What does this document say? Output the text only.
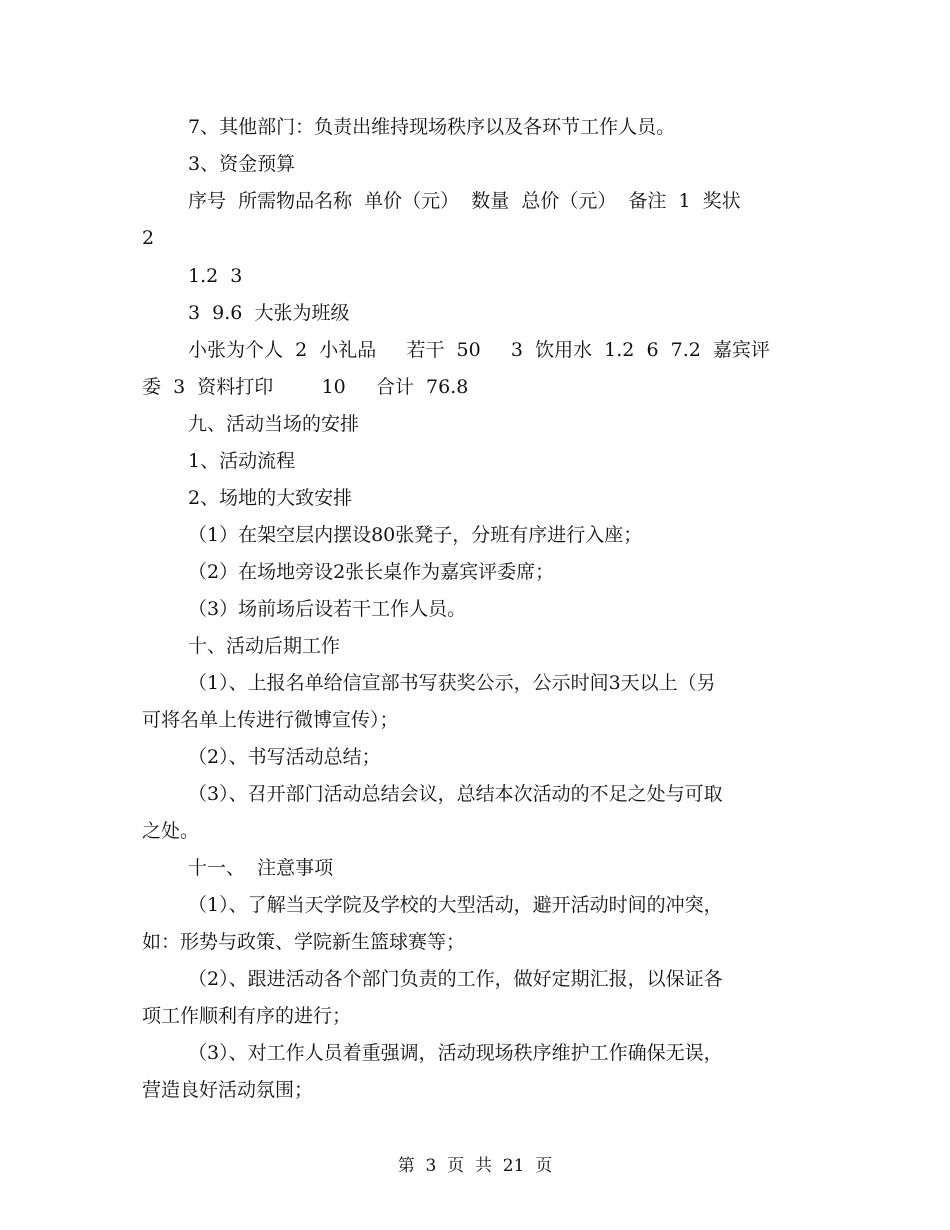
7、其他部门：负责出维持现场秩序以及各环节工作人员。
3、资金预算
序号  所需物品名称  单价（元）  数量  总价（元）  备注  1  奖状
2
1.2  3
3  9.6  大张为班级
小张为个人  2  小礼品     若干  50     3  饮用水  1.2  6  7.2  嘉宾评
委  3  资料打印        10     合计  76.8
九、活动当场的安排
1、活动流程
2、场地的大致安排
（1）在架空层内摆设80张凳子，分班有序进行入座；
（2）在场地旁设2张长桌作为嘉宾评委席；
（3）场前场后设若干工作人员。
十、活动后期工作
（1）、上报名单给信宣部书写获奖公示，公示时间3天以上（另
可将名单上传进行微博宣传）；
（2）、书写活动总结；
（3）、召开部门活动总结会议，总结本次活动的不足之处与可取
之处。
十一、  注意事项
（1）、了解当天学院及学校的大型活动，避开活动时间的冲突，
如：形势与政策、学院新生篮球赛等；
（2）、跟进活动各个部门负责的工作，做好定期汇报，以保证各
项工作顺利有序的进行；
（3）、对工作人员着重强调，活动现场秩序维护工作确保无误，
营造良好活动氛围；
第  3  页  共  21  页
